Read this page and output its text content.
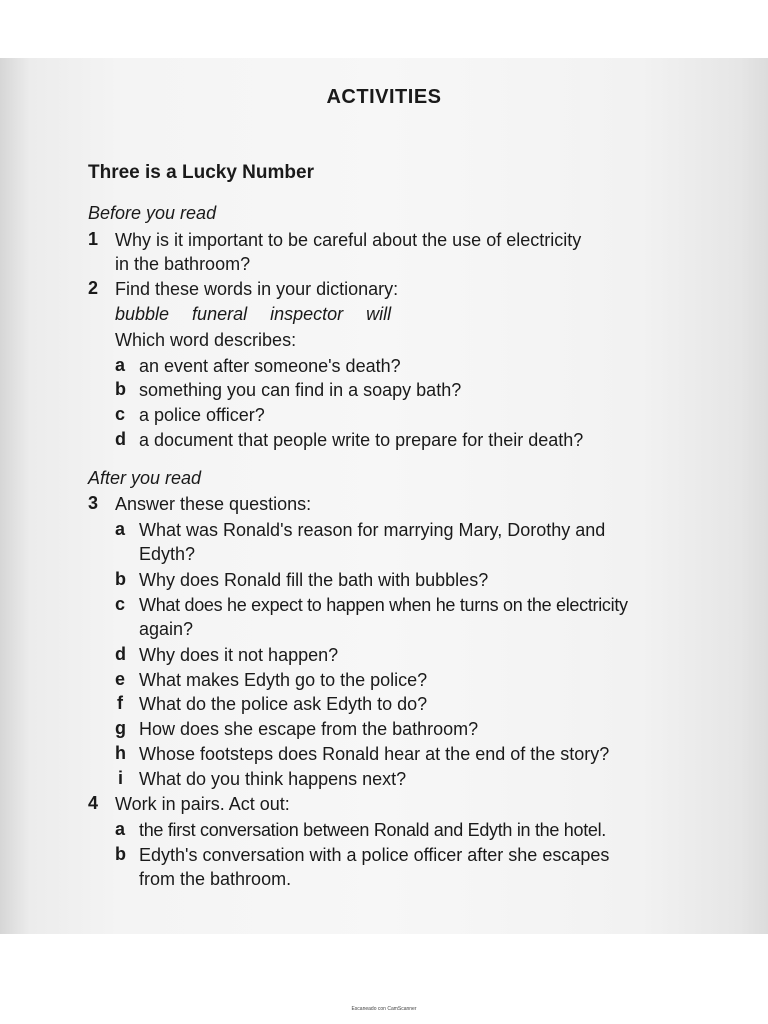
ACTIVITIES
Three is a Lucky Number
Before you read
1 Why is it important to be careful about the use of electricity
in the bathroom?
2 Find these words in your dictionary:
bubble funeral inspector will
Which word describes:
a an event after someone's death?
b something you can find in a soapy bath?
c a police officer?
d a document that people write to prepare for their death?
After you read
3 Answer these questions:
a What was Ronald's reason for marrying Mary, Dorothy and
Edyth?
b Why does Ronald fill the bath with bubbles?
c What does he expect to happen when he turns on the electricity
again?
d Why does it not happen?
e What makes Edyth go to the police?
f What do the police ask Edyth to do?
g How does she escape from the bathroom?
h Whose footsteps does Ronald hear at the end of the story?
i What do you think happens next?
4 Work in pairs. Act out:
a the first conversation between Ronald and Edyth in the hotel.
b Edyth's conversation with a police officer after she escapes
from the bathroom.
Escaneado con CamScanner
